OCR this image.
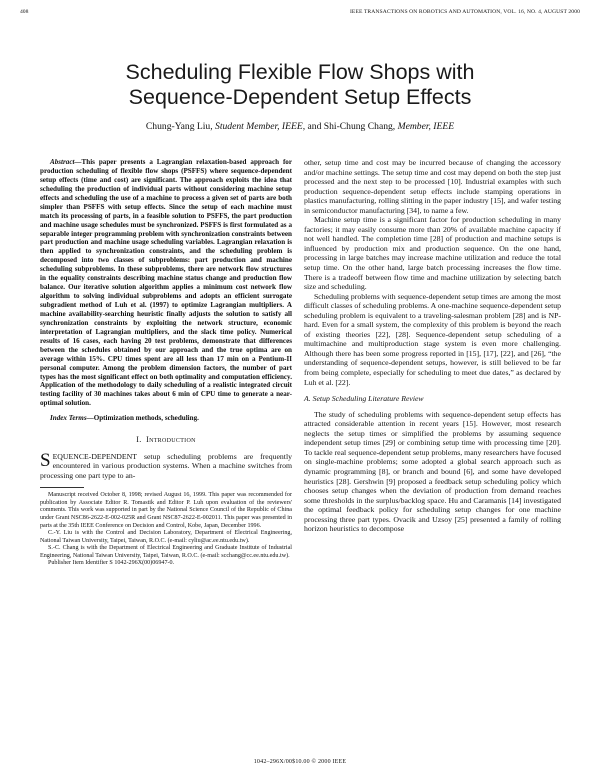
408	IEEE TRANSACTIONS ON ROBOTICS AND AUTOMATION, VOL. 16, NO. 4, AUGUST 2000
Scheduling Flexible Flow Shops with
Sequence-Dependent Setup Effects
Chung-Yang Liu, Student Member, IEEE, and Shi-Chung Chang, Member, IEEE

Abstract—This paper presents a Lagrangian relaxation-based approach for production scheduling of flexible flow shops (PSFFS) where sequence-dependent setup effects (time and cost) are significant. The approach exploits the idea that scheduling the production of individual parts without considering machine setup effects and scheduling the use of a machine to process a given set of parts are both simpler than PSFFS with setup effects. Since the setup of each machine must match its processing of parts, in a feasible solution to PSFFS, the part production and machine usage schedules must be synchronized. PSFFS is first formulated as a separable integer programming problem with synchronization constraints between part production and machine usage scheduling variables. Lagrangian relaxation is then applied to synchronization constraints, and the scheduling problem is decomposed into two classes of subproblems: part production and machine scheduling subproblems. In these subproblems, there are network flow structures in the equality constraints describing machine status change and production flow balance. Our iterative solution algorithm applies a minimum cost network flow algorithm to solving individual subproblems and adopts an efficient surrogate subgradient method of Luh et al. (1997) to optimize Lagrangian multipliers. A machine availability-searching heuristic finally adjusts the solution to satisfy all synchronization constraints by exploiting the network structure, economic interpretation of Lagrangian multipliers, and the slack time policy. Numerical results of 16 cases, each having 20 test problems, demonstrate that differences between the schedules obtained by our approach and the true optima are on average within 15%. CPU times spent are all less than 17 min on a Pentium-II personal computer. Among the problem dimension factors, the number of part types has the most significant effect on both optimality and computation efficiency. Application of the methodology to daily scheduling of a realistic integrated circuit testing facility of 30 machines takes about 6 min of CPU time to generate a near-optimal solution.

Index Terms—Optimization methods, scheduling.

I. Introduction

SEQUENCE-DEPENDENT setup scheduling problems are frequently encountered in various production systems. When a machine switches from processing one part type to an-

Manuscript received October 8, 1998; revised August 16, 1999. This paper was recommended for publication by Associate Editor R. Tomastik and Editor P. Luh upon evaluation of the reviewers' comments. This work was supported in part by the National Science Council of the Republic of China under Grant NSC86-2622-E-002-025R and Grant NSC87-2622-E-002011. This paper was presented in parts at the 35th IEEE Conference on Decision and Control, Kobe, Japan, December 1996.

C.-Y. Liu is with the Control and Decision Laboratory, Department of Electrical Engineering, National Taiwan University, Taipei, Taiwan, R.O.C. (e-mail: cyliu@ac.ee.ntu.edu.tw).

S.-C. Chang is with the Department of Electrical Engineering and Graduate Institute of Industrial Engineering, National Taiwan University, Taipei, Taiwan, R.O.C. (e-mail: scchang@cc.ee.ntu.edu.tw).

Publisher Item Identifier S 1042-296X(00)06947-0.

other, setup time and cost may be incurred because of changing the accessory and/or machine settings. The setup time and cost may depend on both the step just processed and the next step to be processed [10]. Industrial examples with such production sequence-dependent setup effects include stamping operations in plastics manufacturing, rolling slitting in the paper industry [15], and wafer testing in semiconductor manufacturing [34], to name a few.

Machine setup time is a significant factor for production scheduling in many factories; it may easily consume more than 20% of available machine capacity if not well handled. The completion time [28] of production and machine setups is influenced by production mix and production sequence. On the one hand, processing in large batches may increase machine utilization and reduce the total setup time. On the other hand, large batch processing increases the flow time. There is a tradeoff between flow time and machine utilization by selecting batch size and scheduling.

Scheduling problems with sequence-dependent setup times are among the most difficult classes of scheduling problems. A one-machine sequence-dependent setup scheduling problem is equivalent to a traveling-salesman problem [28] and is NP-hard. Even for a small system, the complexity of this problem is beyond the reach of existing theories [22], [28]. Sequence-dependent setup scheduling of a multimachine and multiproduction stage system is even more challenging. Although there has been some progress reported in [15], [17], [22], and [26], “the understanding of sequence-dependent setups, however, is still believed to be far from being complete, especially for scheduling to meet due dates,” as declared by Luh et al. [22].

A. Setup Scheduling Literature Review

The study of scheduling problems with sequence-dependent setup effects has attracted considerable attention in recent years [15]. However, most research neglects the setup times or simplified the problems by assuming sequence independent setup times [29] or combining setup time with processing time [20]. To tackle real sequence-dependent setup problems, many researchers have focused on single-machine problems; some adopted a global search approach such as dynamic programming [8], or branch and bound [6], and some have developed heuristics [28]. Gershwin [9] proposed a feedback setup scheduling policy which chooses setup changes when the deviation of production from demand reaches some thresholds in the surplus/backlog space. Hu and Caramanis [14] investigated the optimal feedback policy for scheduling setup changes for one machine processing three part types. Ovacik and Uzsoy [25] presented a family of rolling horizon heuristics to decompose

1042–296X/00$10.00 © 2000 IEEE
